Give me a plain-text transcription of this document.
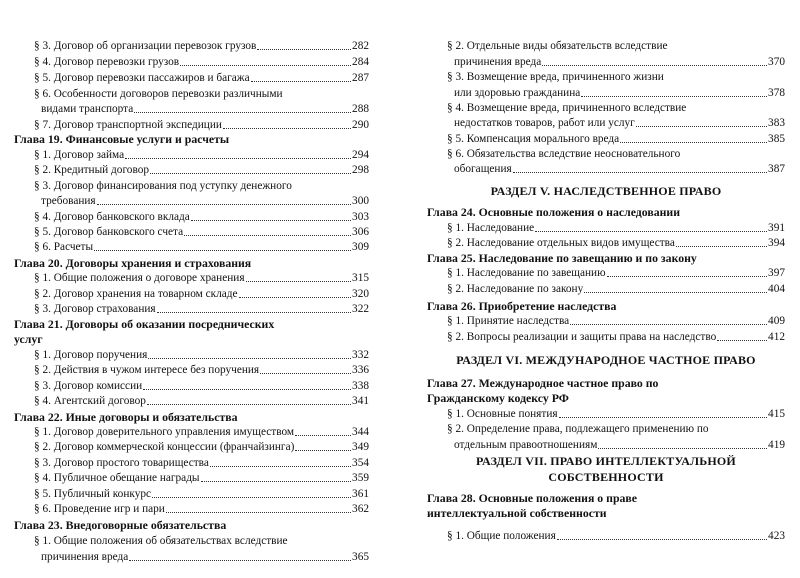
§ 3. Договор об организации перевозок грузов	282
§ 4. Договор перевозки грузов	284
§ 5. Договор перевозки пассажиров и багажа	287
§ 6. Особенности договоров перевозки различными
видами транспорта	288
§ 7. Договор транспортной экспедиции	290
Глава 19. Финансовые услуги и расчеты
§ 1. Договор займа	294
§ 2. Кредитный договор	298
§ 3. Договор финансирования под уступку денежного
требования	300
§ 4. Договор банковского вклада	303
§ 5. Договор банковского счета	306
§ 6. Расчеты	309
Глава 20. Договоры хранения и страхования
§ 1. Общие положения о договоре хранения	315
§ 2. Договор хранения на товарном складе	320
§ 3. Договор страхования	322
Глава 21. Договоры об оказании посреднических
услуг
§ 1. Договор поручения	332
§ 2. Действия в чужом интересе без поручения	336
§ 3. Договор комиссии	338
§ 4. Агентский договор	341
Глава 22. Иные договоры и обязательства
§ 1. Договор доверительного управления имуществом	344
§ 2. Договор коммерческой концессии (франчайзинга)	349
§ 3. Договор простого товарищества	354
§ 4. Публичное обещание награды	359
§ 5. Публичный конкурс	361
§ 6. Проведение игр и пари	362
Глава 23. Внедоговорные обязательства
§ 1. Общие положения об обязательствах вследствие
причинения вреда	365
§ 2. Отдельные виды обязательств вследствие
причинения вреда	370
§ 3. Возмещение вреда, причиненного жизни
или здоровью гражданина	378
§ 4. Возмещение вреда, причиненного вследствие
недостатков товаров, работ или услуг	383
§ 5. Компенсация морального вреда	385
§ 6. Обязательства вследствие неосновательного
обогащения	387
РАЗДЕЛ V. НАСЛЕДСТВЕННОЕ ПРАВО
Глава 24. Основные положения о наследовании
§ 1. Наследование	391
§ 2. Наследование отдельных видов имущества	394
Глава 25. Наследование по завещанию и по закону
§ 1. Наследование по завещанию	397
§ 2. Наследование по закону	404
Глава 26. Приобретение наследства
§ 1. Принятие наследства	409
§ 2. Вопросы реализации и защиты права на наследство	412
РАЗДЕЛ VI. МЕЖДУНАРОДНОЕ ЧАСТНОЕ ПРАВО
Глава 27. Международное частное право по
Гражданскому кодексу РФ
§ 1. Основные понятия	415
§ 2. Определение права, подлежащего применению по
отдельным правоотношениям	419
РАЗДЕЛ VII. ПРАВО ИНТЕЛЛЕКТУАЛЬНОЙ
СОБСТВЕННОСТИ
Глава 28. Основные положения о праве
интеллектуальной собственности
§ 1. Общие положения	423
